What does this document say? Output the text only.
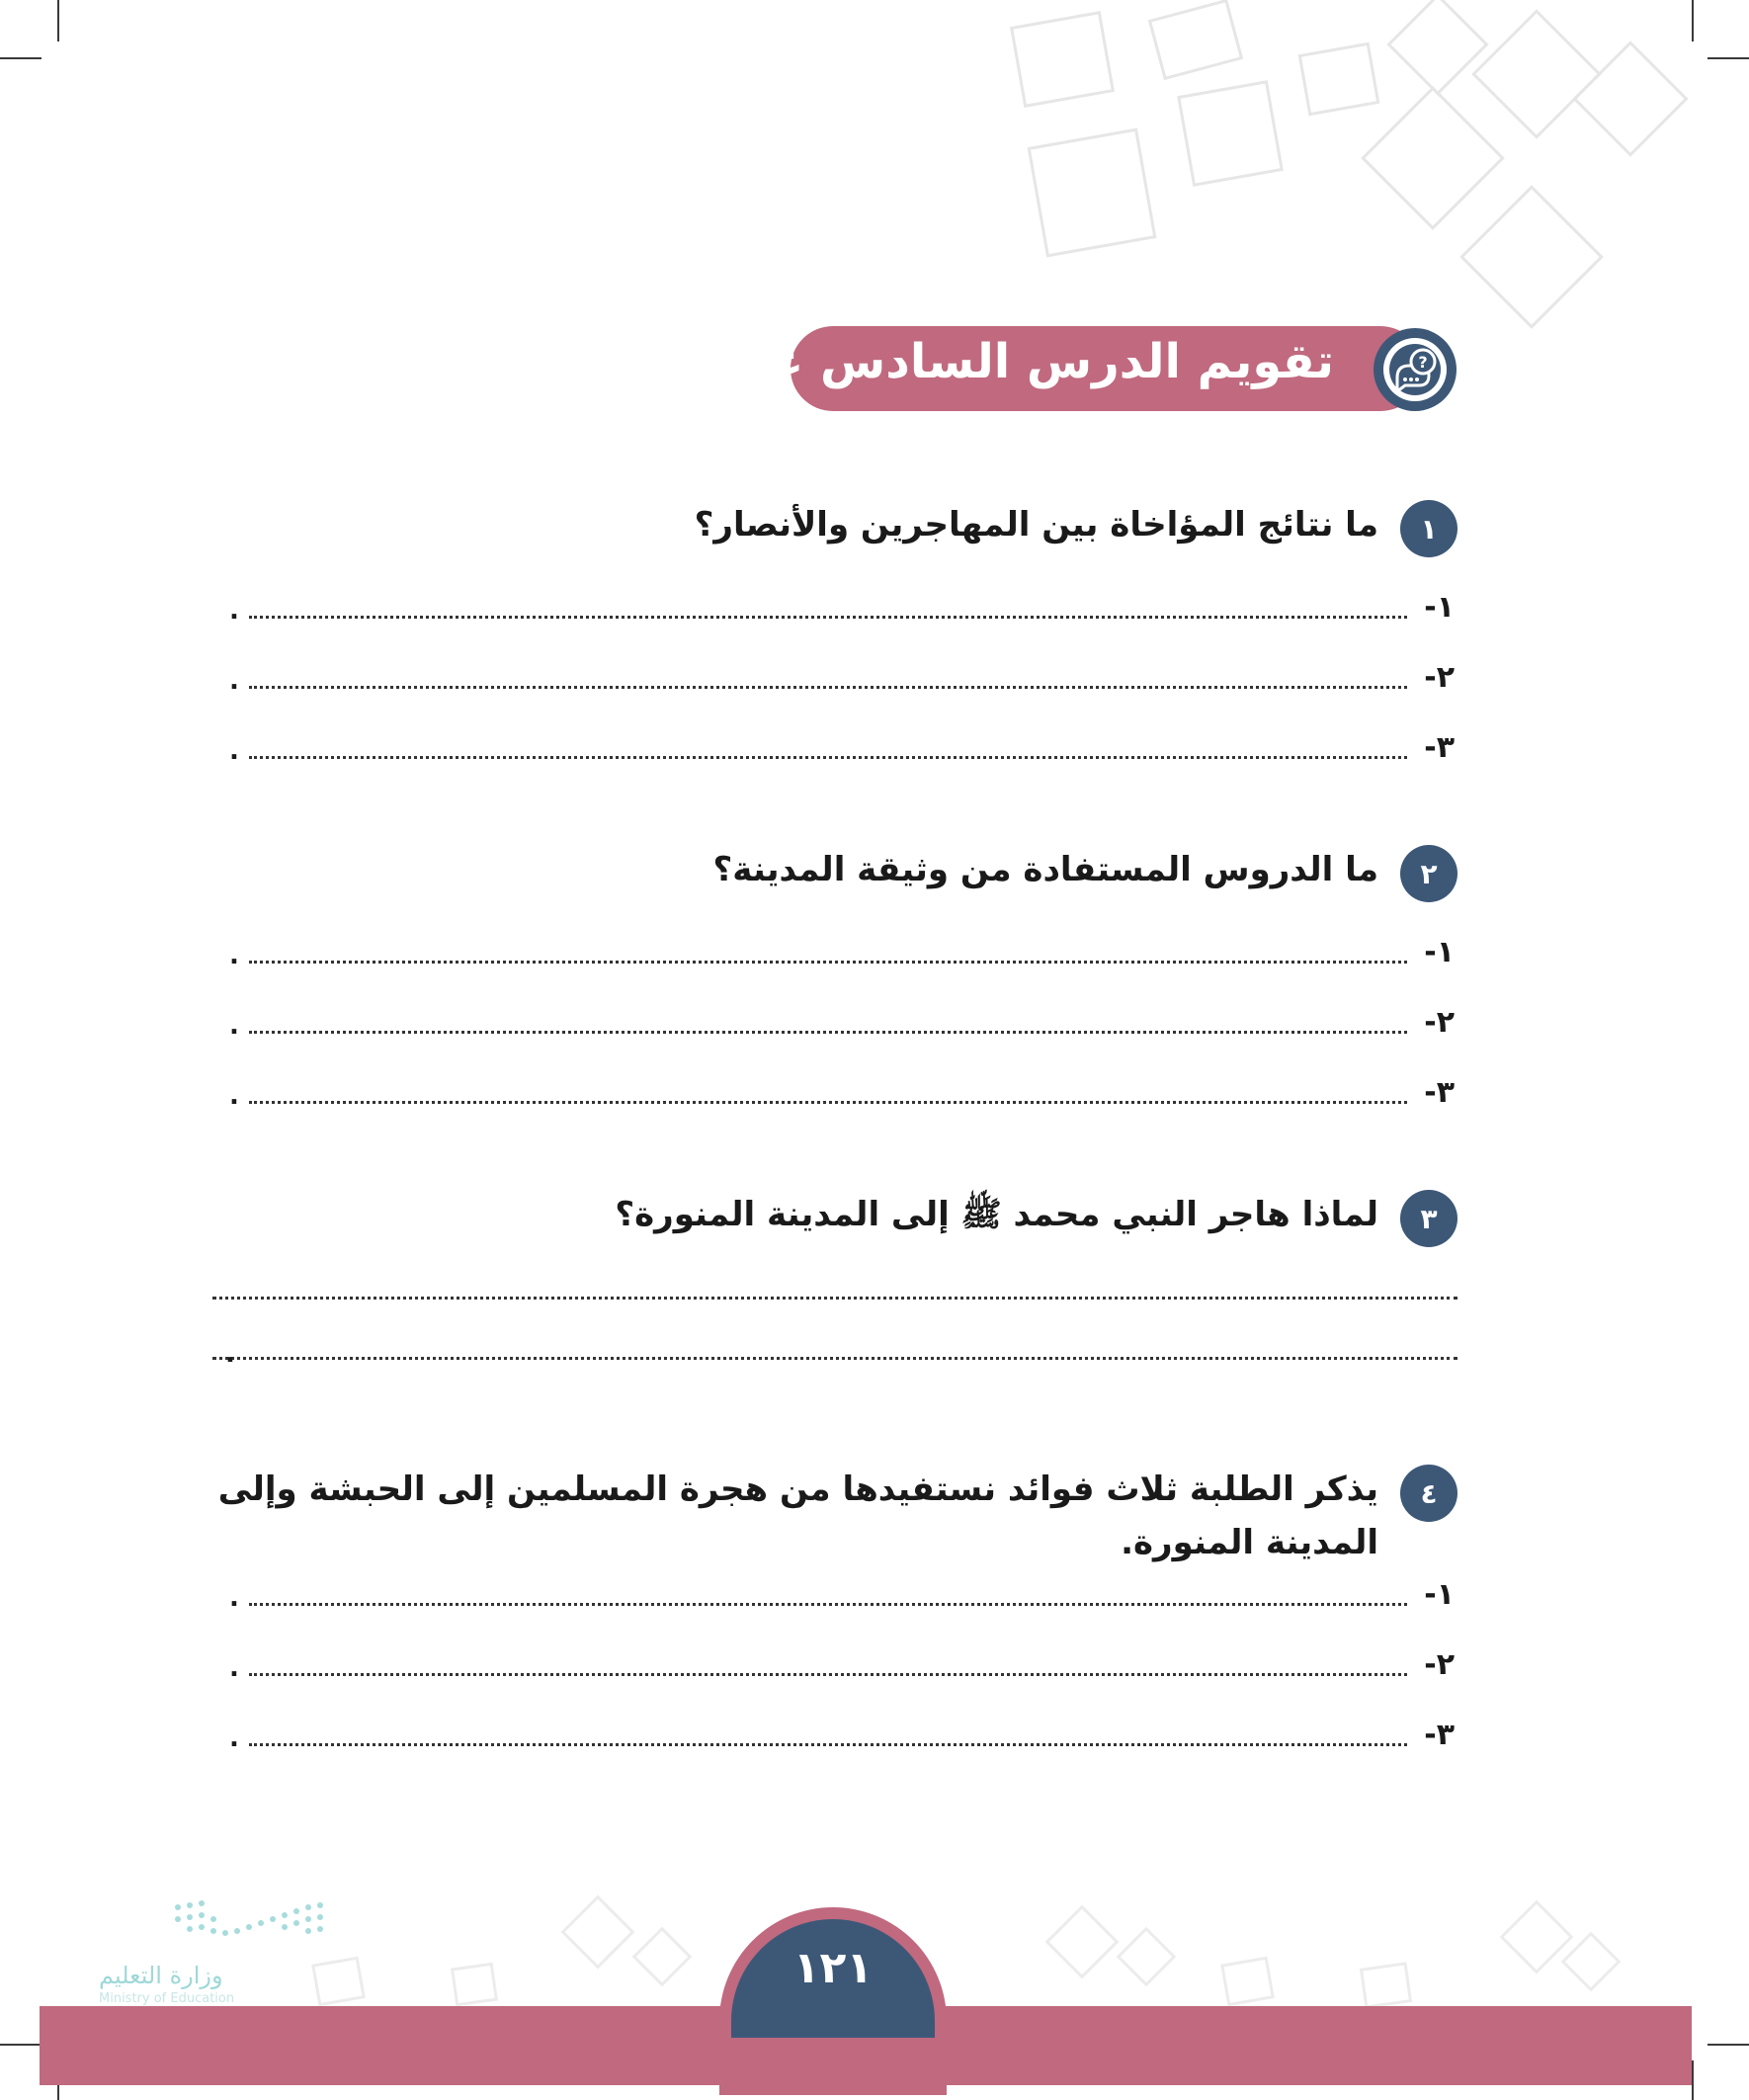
تقويم الدرس السادس عشر	?
١
ما نتائج المؤاخاة بين المهاجرين والأنصار؟
١-
.
٢-
.
٣-
.
٢
ما الدروس المستفادة من وثيقة المدينة؟
١-
.
٢-
.
٣-
.
٣
لماذا هاجر النبي محمد ﷺ إلى المدينة المنورة؟
.
٤
يذكر الطلبة ثلاث فوائد نستفيدها من هجرة المسلمين إلى الحبشة وإلى المدينة المنورة.
١-
.
٢-
.
٣-
.
١٢١
وزارة التعليم
Ministry of Education
